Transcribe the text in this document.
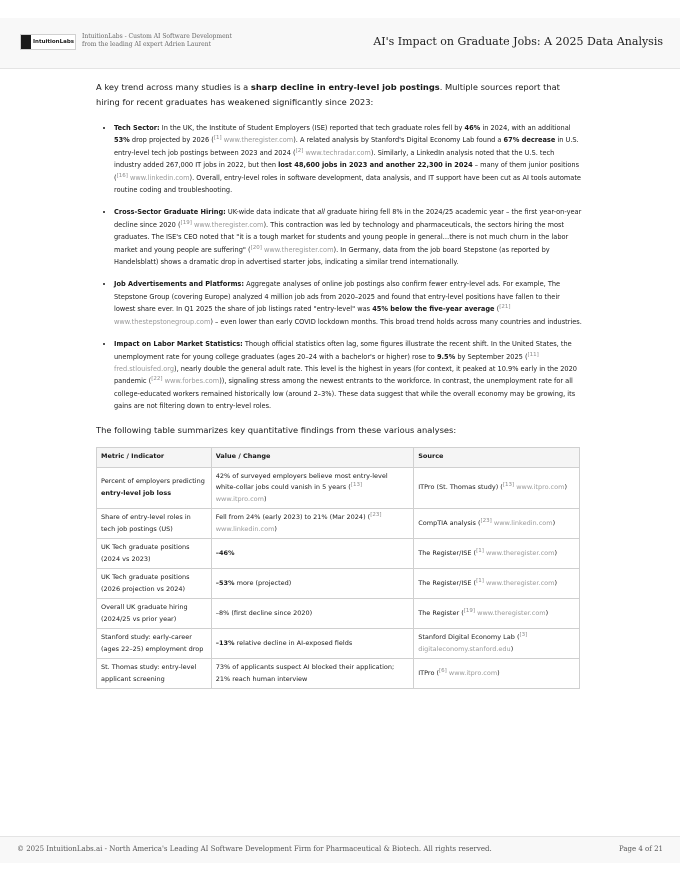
IntuitionLabs
IntuitionLabs - Custom AI Software Development
from the leading AI expert Adrien Laurent	AI's Impact on Graduate Jobs: A 2025 Data Analysis

A key trend across many studies is a sharp decline in entry-level job postings. Multiple sources report that hiring for recent graduates has weakened significantly since 2023:

• Tech Sector: In the UK, the Institute of Student Employers (ISE) reported that tech graduate roles fell by 46% in 2024, with an additional 53% drop projected by 2026 ([1] www.theregister.com). A related analysis by Stanford's Digital Economy Lab found a 67% decrease in U.S. entry-level tech job postings between 2023 and 2024 ([2] www.techradar.com). Similarly, a LinkedIn analysis noted that the U.S. tech industry added 267,000 IT jobs in 2022, but then lost 48,600 jobs in 2023 and another 22,300 in 2024 – many of them junior positions ([16] www.linkedin.com). Overall, entry-level roles in software development, data analysis, and IT support have been cut as AI tools automate routine coding and troubleshooting.
• Cross-Sector Graduate Hiring: UK-wide data indicate that all graduate hiring fell 8% in the 2024/25 academic year – the first year-on-year decline since 2020 ([19] www.theregister.com). This contraction was led by technology and pharmaceuticals, the sectors hiring the most graduates. The ISE's CEO noted that "it is a tough market for students and young people in general…there is not much churn in the labor market and young people are suffering" ([20] www.theregister.com). In Germany, data from the job board Stepstone (as reported by Handelsblatt) shows a dramatic drop in advertised starter jobs, indicating a similar trend internationally.
• Job Advertisements and Platforms: Aggregate analyses of online job postings also confirm fewer entry-level ads. For example, The Stepstone Group (covering Europe) analyzed 4 million job ads from 2020–2025 and found that entry-level positions have fallen to their lowest share ever. In Q1 2025 the share of job listings rated "entry-level" was 45% below the five-year average ([21] www.thestepstonegroup.com) – even lower than early COVID lockdown months. This broad trend holds across many countries and industries.
• Impact on Labor Market Statistics: Though official statistics often lag, some figures illustrate the recent shift. In the United States, the unemployment rate for young college graduates (ages 20–24 with a bachelor's or higher) rose to 9.5% by September 2025 ([11] fred.stlouisfed.org), nearly double the general adult rate. This level is the highest in years (for context, it peaked at 10.9% early in the 2020 pandemic ([22] www.forbes.com)), signaling stress among the newest entrants to the workforce. In contrast, the unemployment rate for all college-educated workers remained historically low (around 2–3%). These data suggest that while the overall economy may be growing, its gains are not filtering down to entry-level roles.

The following table summarizes key quantitative findings from these various analyses:

Metric / Indicator	Value / Change	Source
Percent of employers predicting entry-level job loss	42% of surveyed employers believe most entry-level white-collar jobs could vanish in 5 years ([13] www.itpro.com)	ITPro (St. Thomas study) ([13] www.itpro.com)
Share of entry-level roles in tech job postings (US)	Fell from 24% (early 2023) to 21% (Mar 2024) ([23] www.linkedin.com)	CompTIA analysis ([23] www.linkedin.com)
UK Tech graduate positions (2024 vs 2023)	–46%	The Register/ISE ([1] www.theregister.com)
UK Tech graduate positions (2026 projection vs 2024)	–53% more (projected)	The Register/ISE ([1] www.theregister.com)
Overall UK graduate hiring (2024/25 vs prior year)	–8% (first decline since 2020)	The Register ([19] www.theregister.com)
Stanford study: early-career (ages 22–25) employment drop	–13% relative decline in AI-exposed fields	Stanford Digital Economy Lab ([3] digitaleconomy.stanford.edu)
St. Thomas study: entry-level applicant screening	73% of applicants suspect AI blocked their application; 21% reach human interview	ITPro ([6] www.itpro.com)
© 2025 IntuitionLabs.ai - North America's Leading AI Software Development Firm for Pharmaceutical & Biotech. All rights reserved.	Page 4 of 21
